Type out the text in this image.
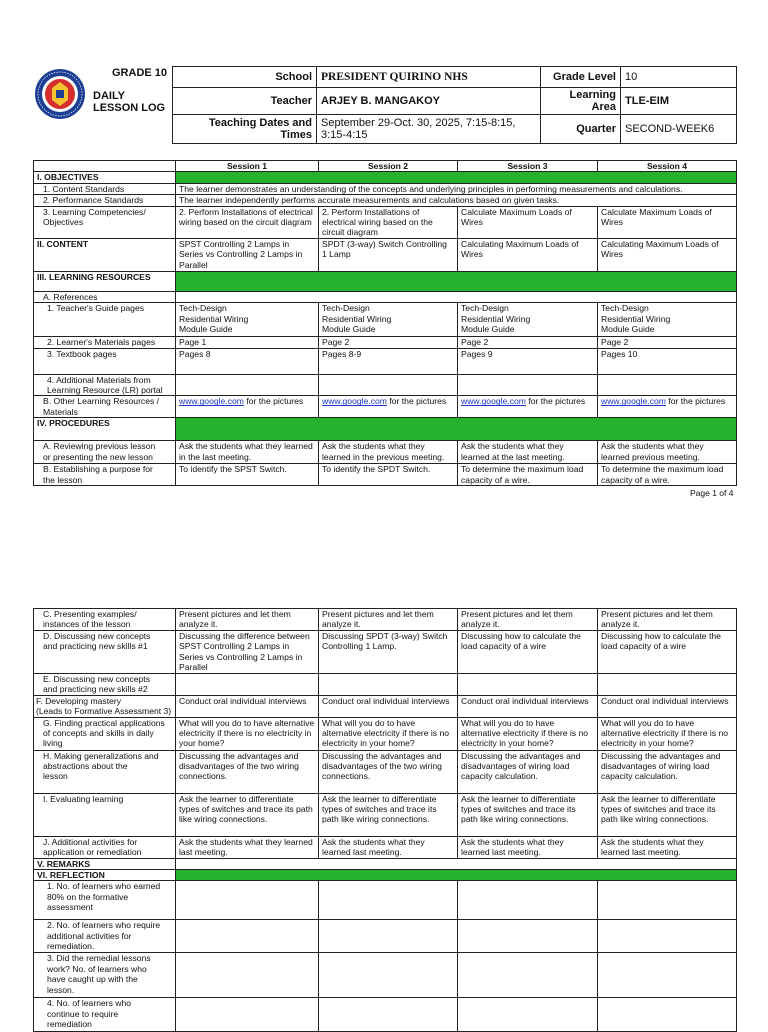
GRADE 10
DAILY
LESSON LOG
School	PRESIDENT QUIRINO NHS	Grade Level	10
Teacher	ARJEY B. MANGAKOY	Learning Area	TLE-EIM
Teaching Dates and Times	September 29-Oct. 30, 2025, 7:15-8:15, 3:15-4:15	Quarter	SECOND-WEEK6
	Session 1	Session 2	Session 3	Session 4
I. OBJECTIVES				
1. Content Standards	The learner demonstrates an understanding of the concepts and underlying principles in performing measurements and calculations.			
2. Performance Standards	The learner independently performs accurate measurements and calculations based on given tasks.			
3. Learning Competencies/
Objectives	2. Perform Installations of electrical wiring based on the circuit diagram	2. Perform Installations of electrical wiring based on the circuit diagram	Calculate Maximum Loads of Wires	Calculate Maximum Loads of Wires
II. CONTENT	SPST Controlling 2 Lamps in Series vs Controlling 2 Lamps in Parallel	SPDT (3-way) Switch Controlling 1 Lamp	Calculating Maximum Loads of Wires	Calculating Maximum Loads of Wires
III. LEARNING RESOURCES				
A. References				
1. Teacher's Guide pages	Tech-Design
Residential Wiring
Module Guide	Tech-Design
Residential Wiring
Module Guide	Tech-Design
Residential Wiring
Module Guide	Tech-Design
Residential Wiring
Module Guide
2. Learner's Materials pages	Page 1	Page 2	Page 2	Page 2
3. Textbook pages	Pages 8	Pages 8-9	Pages 9	Pages 10
4. Additional Materials from
Learning Resource (LR) portal				
B. Other Learning Resources /
Materials	www.google.com for the pictures	www.google.com for the pictures	www.google.com for the pictures	www.google.com for the pictures
IV. PROCEDURES				
A. Reviewing previous lesson
or presenting the new lesson	Ask the students what they learned in the last meeting.	Ask the students what they learned in the previous meeting.	Ask the students what they learned at the last meeting.	Ask the students what they learned previous meeting.
B. Establishing a purpose for
the lesson	To identify the SPST Switch.	To identify the SPDT Switch.	To determine the maximum load capacity of a wire.	To determine the maximum load capacity of a wire.
Page 1 of 4
C. Presenting examples/
instances of the lesson	Present pictures and let them analyze it.	Present pictures and let them analyze it.	Present pictures and let them analyze it.	Present pictures and let them analyze it.
D. Discussing new concepts
and practicing new skills #1	Discussing the difference between SPST Controlling 2 Lamps in Series vs Controlling 2 Lamps in Parallel	Discussing SPDT (3-way) Switch Controlling 1 Lamp.	Discussing how to calculate the load capacity of a wire	Discussing how to calculate the load capacity of a wire
E. Discussing new concepts
and practicing new skills #2				
F. Developing mastery
(Leads to Formative Assessment 3)	Conduct oral individual interviews	Conduct oral individual interviews	Conduct oral individual interviews	Conduct oral individual interviews
G. Finding practical applications
of concepts and skills in daily
living	What will you do to have alternative electricity if there is no electricity in your home?	What will you do to have alternative electricity if there is no electricity in your home?	What will you do to have alternative electricity if there is no electricity in your home?	What will you do to have alternative electricity if there is no electricity in your home?
H. Making generalizations and
abstractions about the
lesson	Discussing the advantages and disadvantages of the two wiring connections.	Discussing the advantages and disadvantages of the two wiring connections.	Discussing the advantages and disadvantages of wiring load capacity calculation.	Discussing the advantages and disadvantages of wiring load capacity calculation.
I. Evaluating learning	Ask the learner to differentiate types of switches and trace its path like wiring connections.	Ask the learner to differentiate types of switches and trace its path like wiring connections.	Ask the learner to differentiate types of switches and trace its path like wiring connections.	Ask the learner to differentiate types of switches and trace its path like wiring connections.
J. Additional activities for
application or remediation	Ask the students what they learned last meeting.	Ask the students what they learned last meeting.	Ask the students what they learned last meeting.	Ask the students what they learned last meeting.
V. REMARKS				
VI. REFLECTION				
1. No. of learners who earned
80% on the formative
assessment				
2. No. of learners who require
additional activities for
remediation.				
3. Did the remedial lessons
work? No. of learners who
have caught up with the
lesson.				
4. No. of learners who
continue to require
remediation				
